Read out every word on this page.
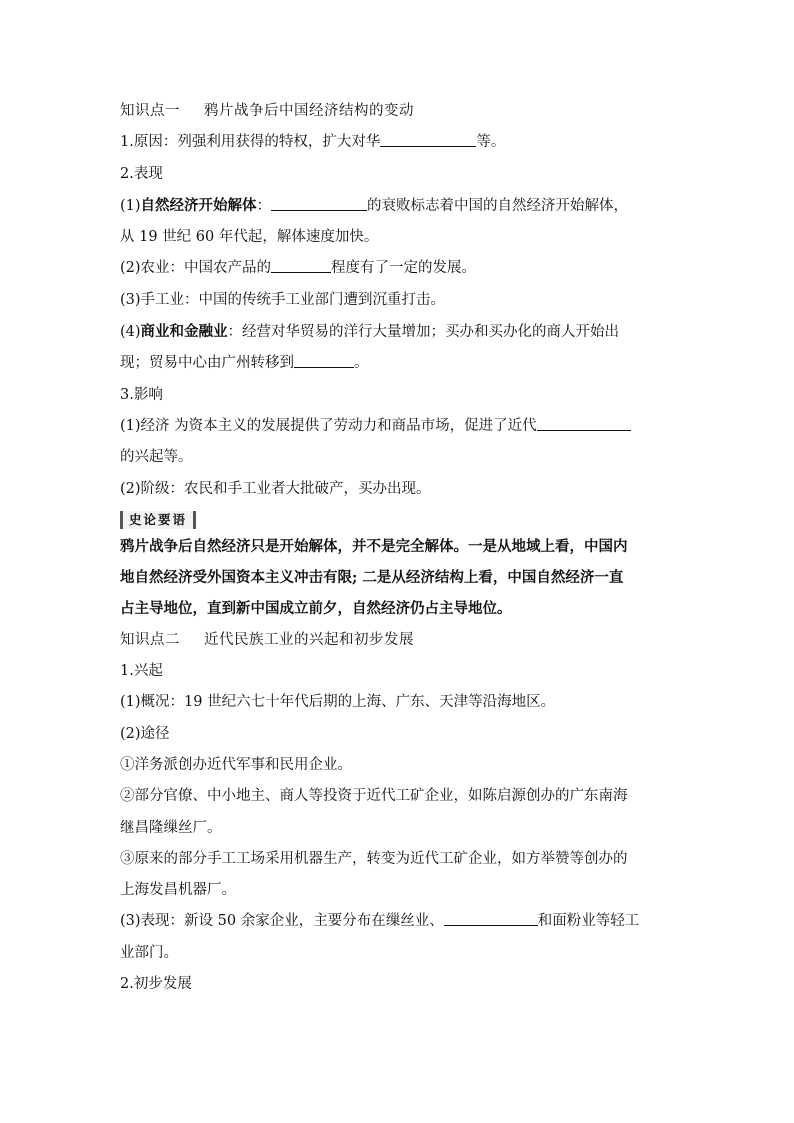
知识点一 鸦片战争后中国经济结构的变动
1.原因：列强利用获得的特权，扩大对华	等。
2.表现
(1)自然经济开始解体：	的衰败标志着中国的自然经济开始解体，
从 19 世纪 60 年代起，解体速度加快。
(2)农业：中国农产品的	程度有了一定的发展。
(3)手工业：中国的传统手工业部门遭到沉重打击。
(4)商业和金融业：经营对华贸易的洋行大量增加；买办和买办化的商人开始出
现；贸易中心由广州转移到	。
3.影响
(1)经济 为资本主义的发展提供了劳动力和商品市场，促进了近代
的兴起等。
(2)阶级：农民和手工业者大批破产，买办出现。
史论要语
鸦片战争后自然经济只是开始解体，并不是完全解体。一是从地域上看，中国内
地自然经济受外国资本主义冲击有限; 二是从经济结构上看，中国自然经济一直
占主导地位，直到新中国成立前夕，自然经济仍占主导地位。
知识点二 近代民族工业的兴起和初步发展
1.兴起
(1)概况：19 世纪六七十年代后期的上海、广东、天津等沿海地区。
(2)途径
①洋务派创办近代军事和民用企业。
②部分官僚、中小地主、商人等投资于近代工矿企业，如陈启源创办的广东南海
继昌隆缫丝厂。
③原来的部分手工工场采用机器生产，转变为近代工矿企业，如方举赞等创办的
上海发昌机器厂。
(3)表现：新设 50 余家企业，主要分布在缫丝业、	和面粉业等轻工
业部门。
2.初步发展
